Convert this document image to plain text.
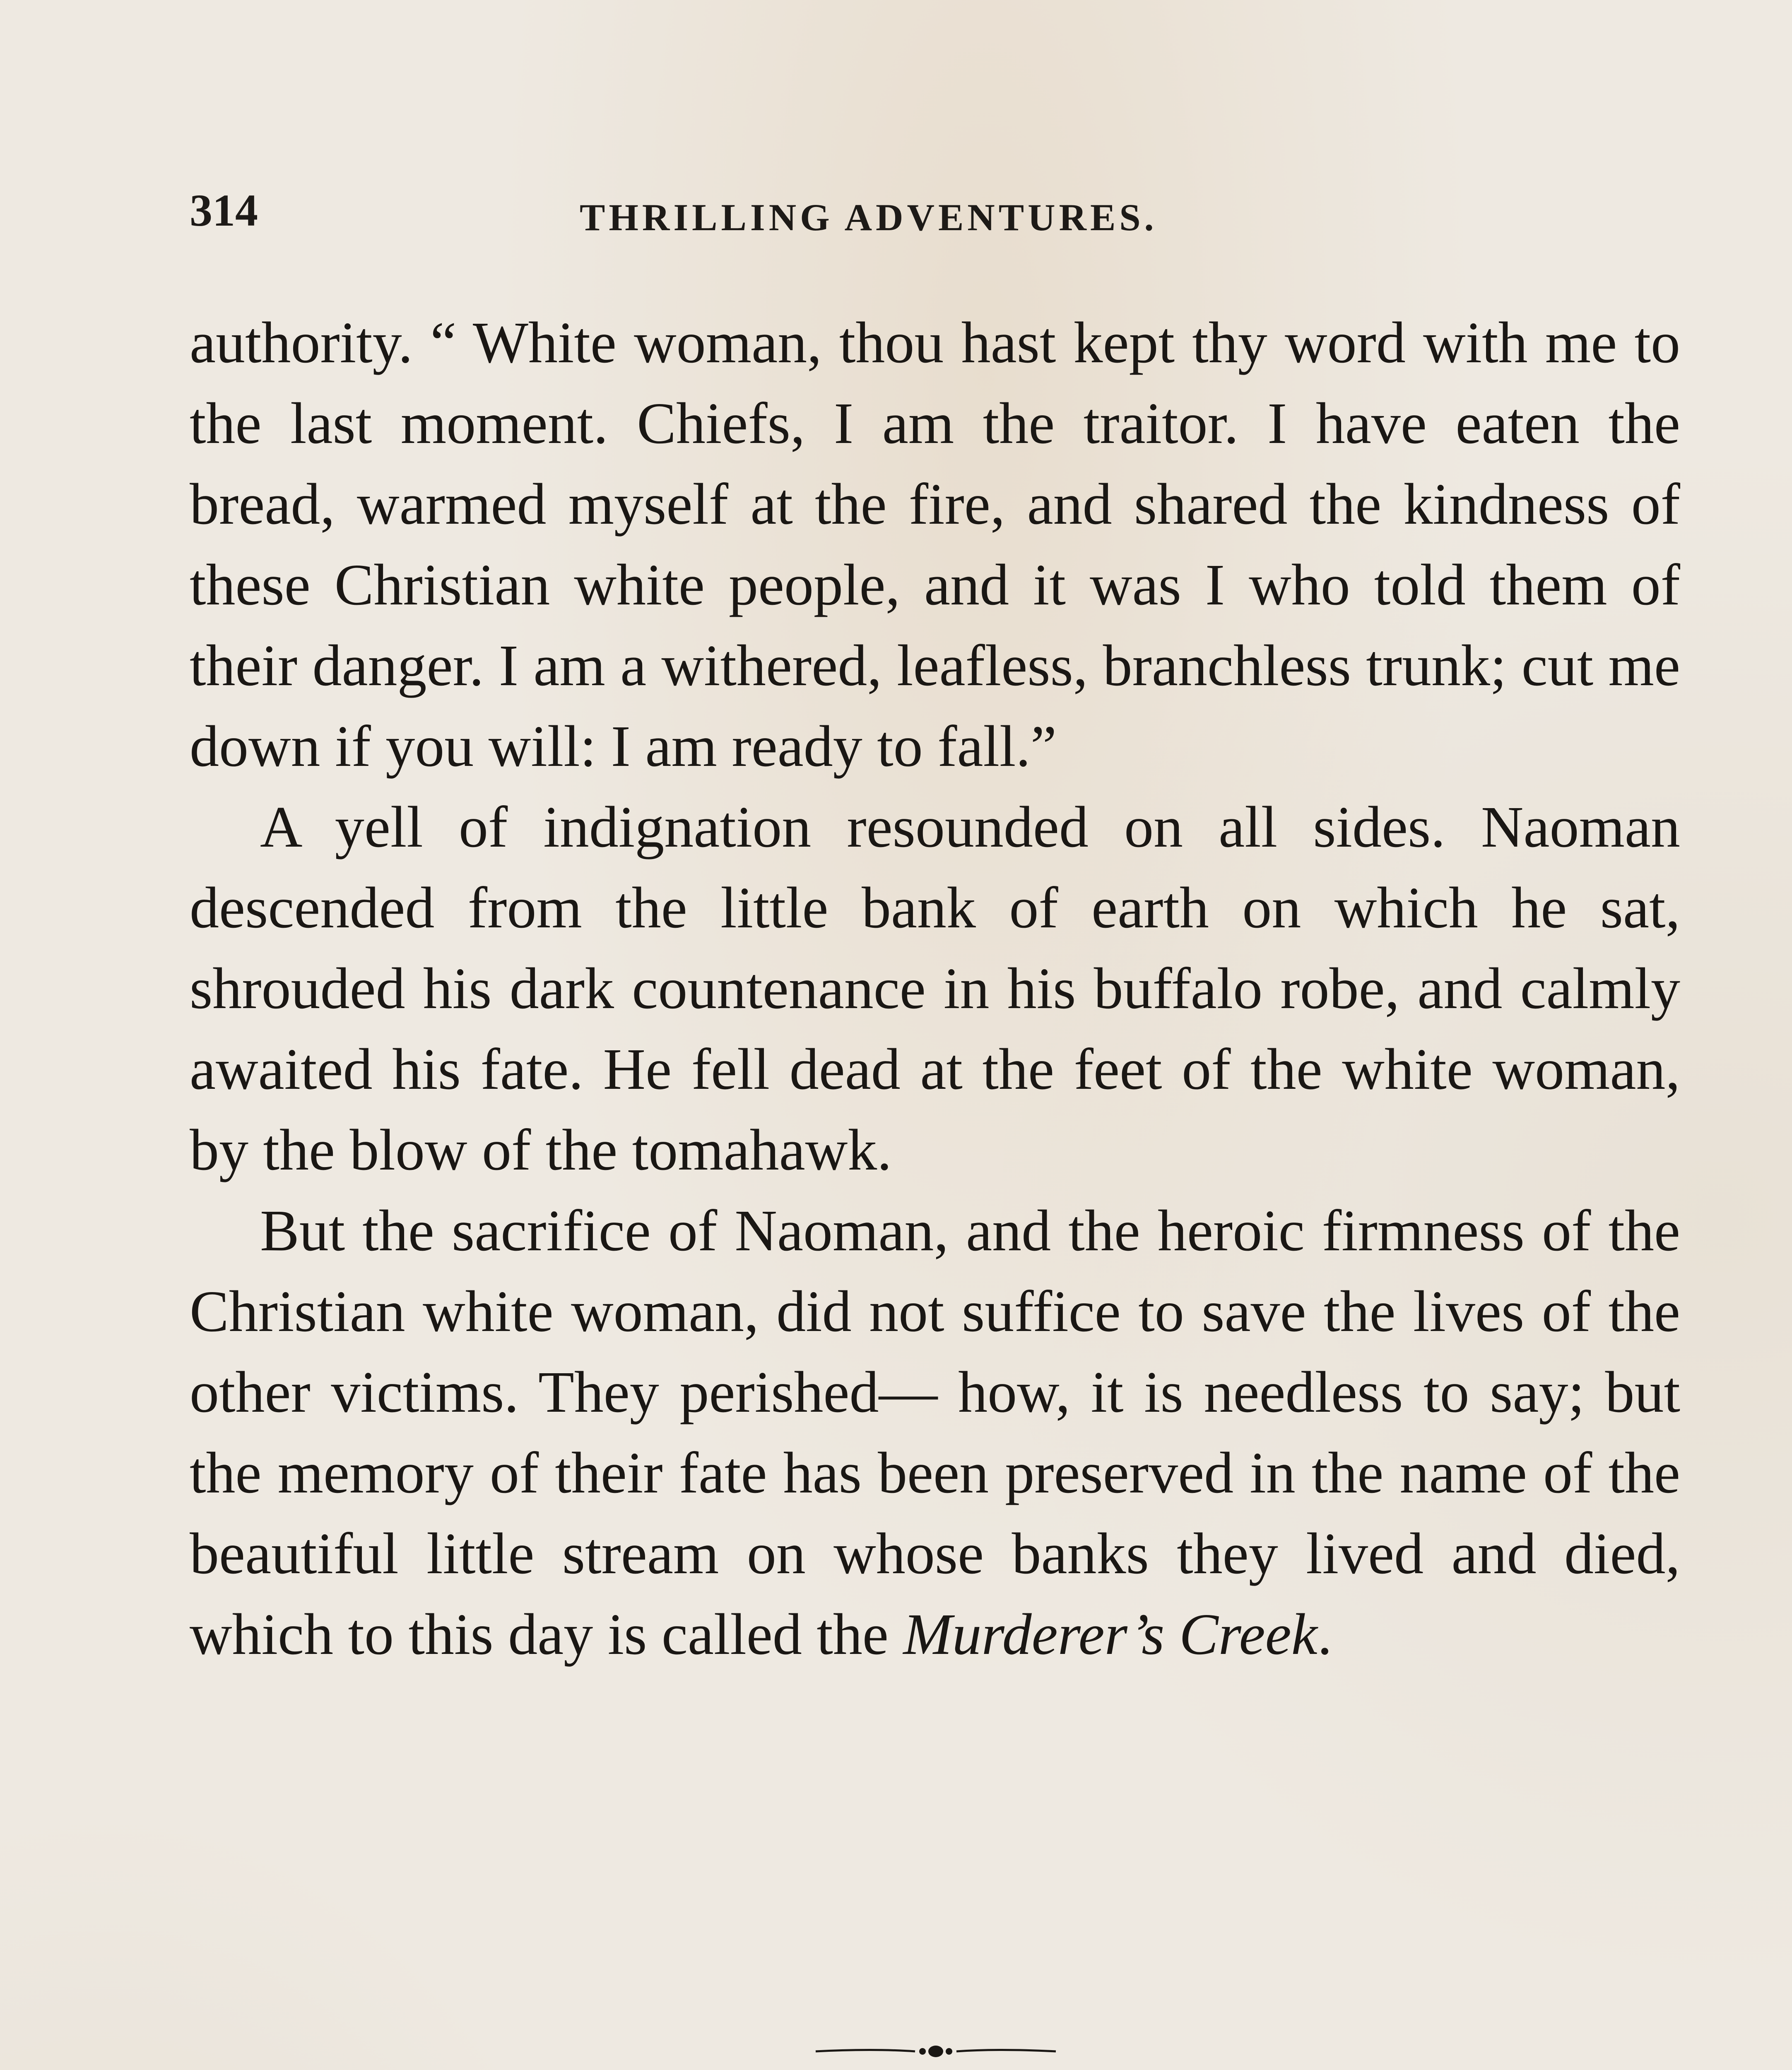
314	THRILLING ADVENTURES.

authority. “ White woman, thou hast kept thy word with me to the last moment. Chiefs, I am the traitor. I have eaten the bread, warmed myself at the fire, and shared the kindness of these Christian white people, and it was I who told them of their danger. I am a withered, leafless, branchless trunk; cut me down if you will: I am ready to fall.”

A yell of indignation resounded on all sides. Naoman descended from the little bank of earth on which he sat, shrouded his dark countenance in his buffalo robe, and calmly awaited his fate. He fell dead at the feet of the white woman, by the blow of the tomahawk.

But the sacrifice of Naoman, and the heroic firmness of the Christian white woman, did not suffice to save the lives of the other victims. They perished— how, it is needless to say; but the memory of their fate has been preserved in the name of the beautiful little stream on whose banks they lived and died, which to this day is called the Murderer’s Creek.
